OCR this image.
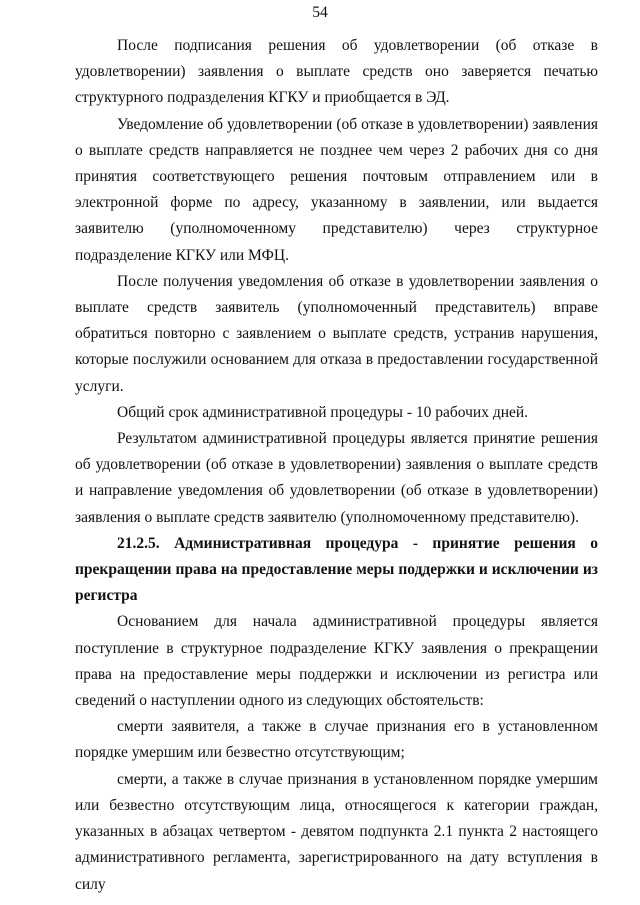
54

После подписания решения об удовлетворении (об отказе в удовлетворении) заявления о выплате средств оно заверяется печатью структурного подразделения КГКУ и приобщается в ЭД.

Уведомление об удовлетворении (об отказе в удовлетворении) заявления о выплате средств направляется не позднее чем через 2 рабочих дня со дня принятия соответствующего решения почтовым отправлением или в электронной форме по адресу, указанному в заявлении, или выдается заявителю (уполномоченному представителю) через структурное подразделение КГКУ или МФЦ.

После получения уведомления об отказе в удовлетворении заявления о выплате средств заявитель (уполномоченный представитель) вправе обратиться повторно с заявлением о выплате средств, устранив нарушения, которые послужили основанием для отказа в предоставлении государственной услуги.

Общий срок административной процедуры - 10 рабочих дней.

Результатом административной процедуры является принятие решения об удовлетворении (об отказе в удовлетворении) заявления о выплате средств и направление уведомления об удовлетворении (об отказе в удовлетворении) заявления о выплате средств заявителю (уполномоченному представителю).

21.2.5. Административная процедура - принятие решения о прекращении права на предоставление меры поддержки и исключении из регистра

Основанием для начала административной процедуры является поступление в структурное подразделение КГКУ заявления о прекращении права на предоставление меры поддержки и исключении из регистра или сведений о наступлении одного из следующих обстоятельств:

смерти заявителя, а также в случае признания его в установленном порядке умершим или безвестно отсутствующим;

смерти, а также в случае признания в установленном порядке умершим или безвестно отсутствующим лица, относящегося к категории граждан, указанных в абзацах четвертом - девятом подпункта 2.1 пункта 2 настоящего административного регламента, зарегистрированного на дату вступления в силу
